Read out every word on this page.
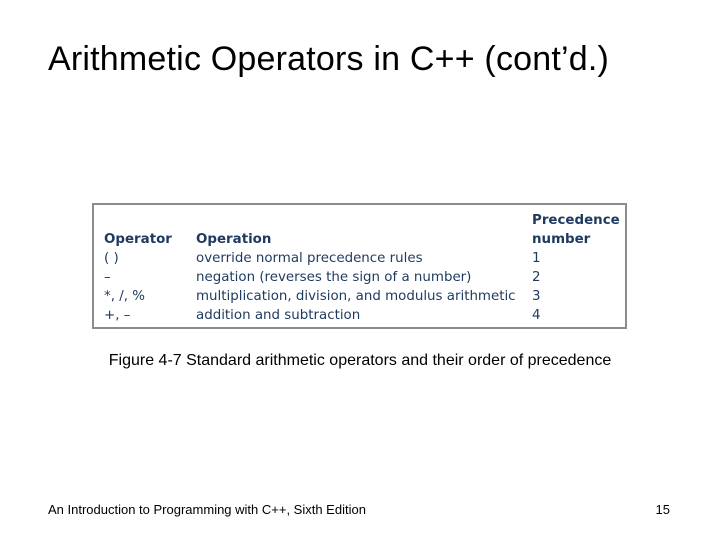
Arithmetic Operators in C++ (cont’d.)
		Precedence
Operator	Operation	number
( )	override normal precedence rules	1
–	negation (reverses the sign of a number)	2
*, /, %	multiplication, division, and modulus arithmetic	3
+, –	addition and subtraction	4
Figure 4-7 Standard arithmetic operators and their order of precedence
An Introduction to Programming with C++, Sixth Edition	15
